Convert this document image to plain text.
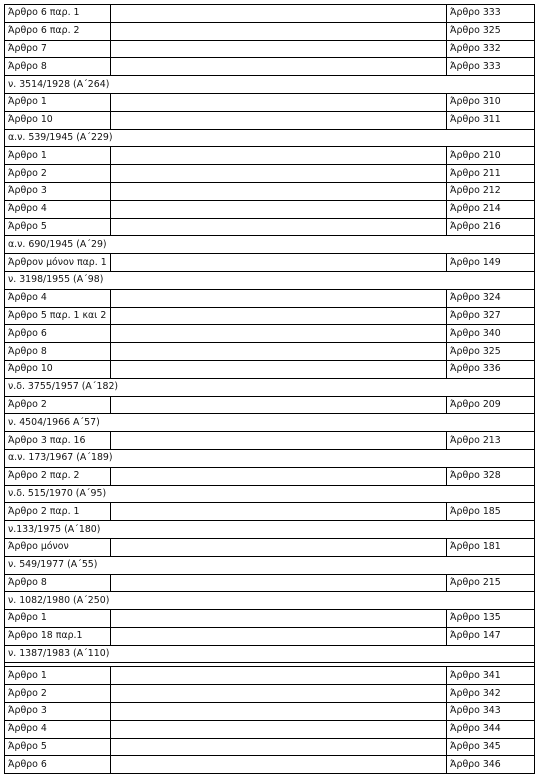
Άρθρο 6 παρ. 1		Άρθρο 333
Άρθρο 6 παρ. 2		Άρθρο 325
Άρθρο 7		Άρθρο 332
Άρθρο 8		Άρθρο 333
ν. 3514/1928 (Α΄264)		
Άρθρο 1		Άρθρο 310
Άρθρο 10		Άρθρο 311
α.ν. 539/1945 (Α΄229)		
Άρθρο 1		Άρθρο 210
Άρθρο 2		Άρθρο 211
Άρθρο 3		Άρθρο 212
Άρθρο 4		Άρθρο 214
Άρθρο 5		Άρθρο 216
α.ν. 690/1945 (Α΄29)		
Άρθρον μόνον παρ. 1		Άρθρο 149
ν. 3198/1955 (Α΄98)		
Άρθρο 4		Άρθρο 324
Άρθρο 5 παρ. 1 και 2		Άρθρο 327
Άρθρο 6		Άρθρο 340
Άρθρο 8		Άρθρο 325
Άρθρο 10		Άρθρο 336
ν.δ. 3755/1957 (Α΄182)		
Άρθρο 2		Άρθρο 209
ν. 4504/1966 Α΄57)		
Άρθρο 3 παρ. 16		Άρθρο 213
α.ν. 173/1967 (Α΄189)		
Άρθρο 2 παρ. 2		Άρθρο 328
ν.δ. 515/1970 (Α΄95)		
Άρθρο 2 παρ. 1		Άρθρο 185
ν.133/1975 (Α΄180)		
Άρθρο μόνον		Άρθρο 181
ν. 549/1977 (Α΄55)		
Άρθρο 8		Άρθρο 215
ν. 1082/1980 (Α΄250)		
Άρθρο 1		Άρθρο 135
Άρθρο 18 παρ.1		Άρθρο 147
ν. 1387/1983 (Α΄110)		

Άρθρο 1		Άρθρο 341
Άρθρο 2		Άρθρο 342
Άρθρο 3		Άρθρο 343
Άρθρο 4		Άρθρο 344
Άρθρο 5		Άρθρο 345
Άρθρο 6		Άρθρο 346
